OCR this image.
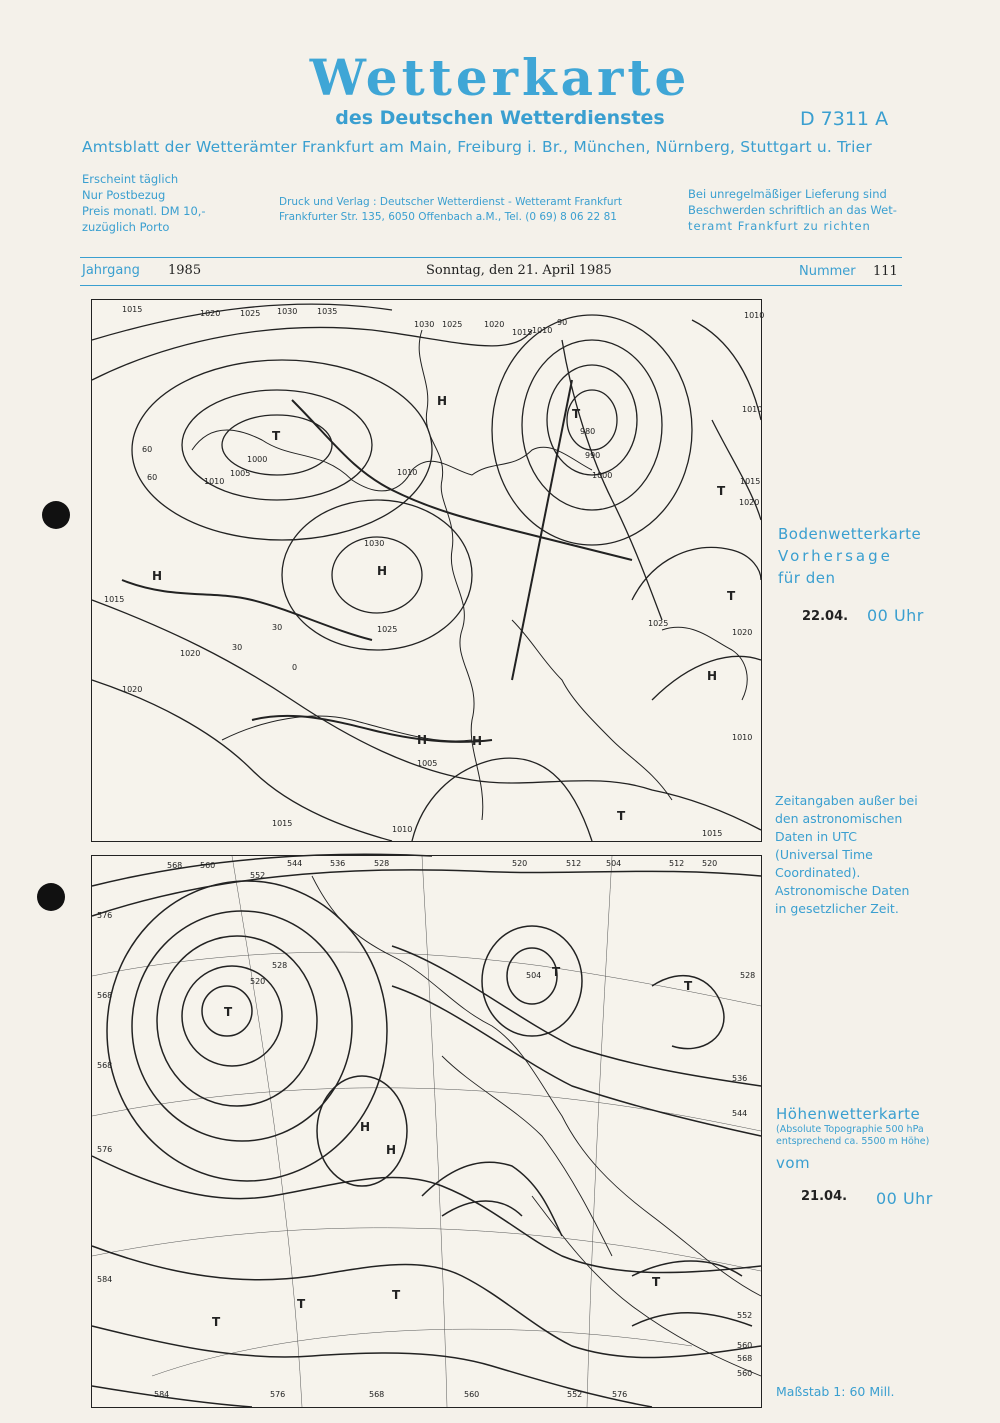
Wetterkarte
des Deutschen Wetterdienstes	D 7311 A
Amtsblatt der Wetterämter Frankfurt am Main, Freiburg i. Br., München, Nürnberg, Stuttgart u. Trier
Erscheint täglich
Nur Postbezug
Preis monatl. DM 10,-
zuzüglich Porto
Druck und Verlag : Deutscher Wetterdienst - Wetteramt Frankfurt
Frankfurter Str. 135, 6050 Offenbach a.M., Tel. (0 69) 8 06 22 81
Bei unregelmäßiger Lieferung sind
Beschwerden schriftlich an das Wet-
teramt Frankfurt zu richten
Jahrgang 1985	Sonntag, den 21. April 1985	Nummer 111
H
T
H
T
H
T
T
H
H
T
H
1015	1020 1025 1030 1035
1030 1025	1020
1015 1010
1010
1010
1015
1020
1000
1005
1010
1030
1015
1025
1020
1020
980
990
1000
1025
1020
1010
1005
1015
1010	1015
1010
60
60
90
30
30
0
T
T
T
H
H
T
T
T
T
568 560
552
544	536	528	520	512	504	512 520
576
568
528
520
568
576
584
584	576	568	560	552
560
568
560
552
544
536
528
504
576
Bodenwetterkarte
Vorhersage
für den
22.04. 00 Uhr
Zeitangaben außer bei
den astronomischen
Daten in UTC
(Universal Time
Coordinated).
Astronomische Daten
in gesetzlicher Zeit.
Höhenwetterkarte
(Absolute Topographie 500 hPa
entsprechend ca. 5500 m Höhe)
vom
21.04. 00 Uhr
Maßstab 1: 60 Mill.
